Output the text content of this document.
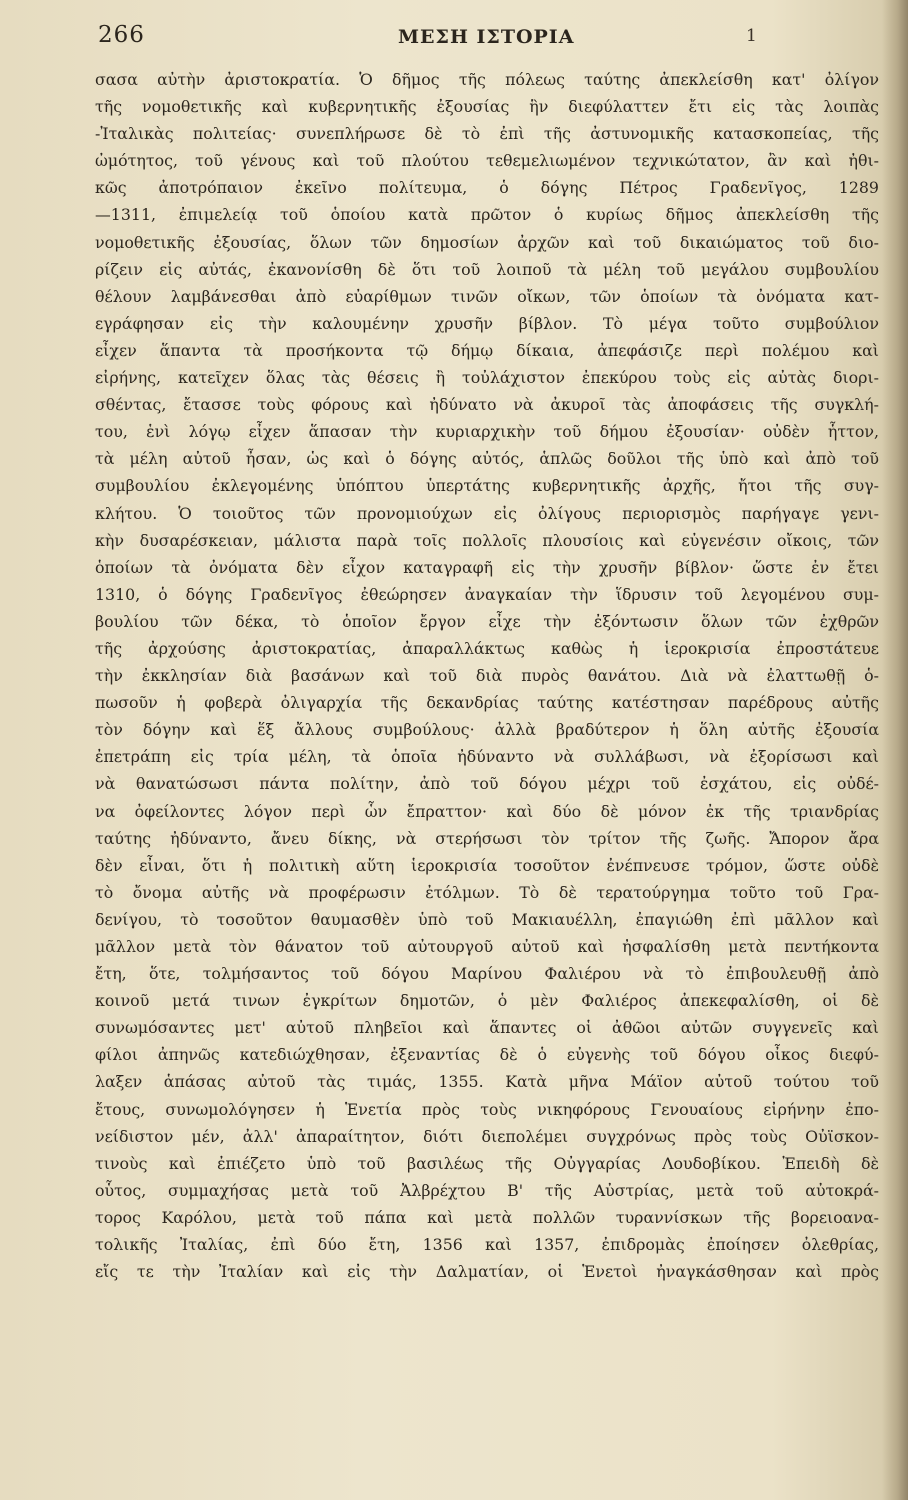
266	ΜΕΣΗ ΙΣΤΟΡΙΑ	1
σασα αὐτὴν ἀριστοκρατία. Ὁ δῆμος τῆς πόλεως ταύτης ἀπεκλείσθη κατ' ὀλίγον
τῆς νομοθετικῆς καὶ κυβερνητικῆς ἐξουσίας ἣν διεφύλαττεν ἔτι εἰς τὰς λοιπὰς
-Ἰταλικὰς πολιτείας· συνεπλήρωσε δὲ τὸ ἐπὶ τῆς ἀστυνομικῆς κατασκοπείας, τῆς
ὠμότητος, τοῦ γένους καὶ τοῦ πλούτου τεθεμελιωμένον τεχνικώτατον, ἂν καὶ ἠθι-
κῶς ἀποτρόπαιον ἐκεῖνο πολίτευμα, ὁ δόγης Πέτρος Γραδενῖγος, 1289
—1311, ἐπιμελείᾳ τοῦ ὁποίου κατὰ πρῶτον ὁ κυρίως δῆμος ἀπεκλείσθη τῆς
νομοθετικῆς ἐξουσίας, ὅλων τῶν δημοσίων ἀρχῶν καὶ τοῦ δικαιώματος τοῦ διο-
ρίζειν εἰς αὐτάς, ἐκανονίσθη δὲ ὅτι τοῦ λοιποῦ τὰ μέλη τοῦ μεγάλου συμβουλίου
θέλουν λαμβάνεσθαι ἀπὸ εὐαρίθμων τινῶν οἴκων, τῶν ὁποίων τὰ ὀνόματα κατ-
εγράφησαν εἰς τὴν καλουμένην χρυσῆν βίβλον. Τὸ μέγα τοῦτο συμβούλιον
εἶχεν ἅπαντα τὰ προσήκοντα τῷ δήμῳ δίκαια, ἀπεφάσιζε περὶ πολέμου καὶ
εἰρήνης, κατεῖχεν ὅλας τὰς θέσεις ἢ τοὐλάχιστον ἐπεκύρου τοὺς εἰς αὐτὰς διορι-
σθέντας, ἔτασσε τοὺς φόρους καὶ ἠδύνατο νὰ ἀκυροῖ τὰς ἀποφάσεις τῆς συγκλή-
του, ἑνὶ λόγῳ εἶχεν ἅπασαν τὴν κυριαρχικὴν τοῦ δήμου ἐξουσίαν· οὐδὲν ἧττον,
τὰ μέλη αὐτοῦ ἦσαν, ὡς καὶ ὁ δόγης αὐτός, ἁπλῶς δοῦλοι τῆς ὑπὸ καὶ ἀπὸ τοῦ
συμβουλίου ἐκλεγομένης ὑπόπτου ὑπερτάτης κυβερνητικῆς ἀρχῆς, ἤτοι τῆς συγ-
κλήτου. Ὁ τοιοῦτος τῶν προνομιούχων εἰς ὀλίγους περιορισμὸς παρήγαγε γενι-
κὴν δυσαρέσκειαν, μάλιστα παρὰ τοῖς πολλοῖς πλουσίοις καὶ εὐγενέσιν οἴκοις, τῶν
ὁποίων τὰ ὀνόματα δὲν εἶχον καταγραφῆ εἰς τὴν χρυσῆν βίβλον· ὥστε ἐν ἔτει
1310, ὁ δόγης Γραδενῖγος ἐθεώρησεν ἀναγκαίαν τὴν ἵδρυσιν τοῦ λεγομένου συμ-
βουλίου τῶν δέκα, τὸ ὁποῖον ἔργον εἶχε τὴν ἐξόντωσιν ὅλων τῶν ἐχθρῶν
τῆς ἀρχούσης ἀριστοκρατίας, ἀπαραλλάκτως καθὼς ἡ ἱεροκρισία ἐπροστάτευε
τὴν ἐκκλησίαν διὰ βασάνων καὶ τοῦ διὰ πυρὸς θανάτου. Διὰ νὰ ἐλαττωθῇ ὁ-
πωσοῦν ἡ φοβερὰ ὀλιγαρχία τῆς δεκανδρίας ταύτης κατέστησαν παρέδρους αὐτῆς
τὸν δόγην καὶ ἕξ ἄλλους συμβούλους· ἀλλὰ βραδύτερον ἡ ὅλη αὐτῆς ἐξουσία
ἐπετράπη εἰς τρία μέλη, τὰ ὁποῖα ἠδύναντο νὰ συλλάβωσι, νὰ ἐξορίσωσι καὶ
νὰ θανατώσωσι πάντα πολίτην, ἀπὸ τοῦ δόγου μέχρι τοῦ ἐσχάτου, εἰς οὐδέ-
να ὀφείλοντες λόγον περὶ ὧν ἔπραττον· καὶ δύο δὲ μόνον ἐκ τῆς τριανδρίας
ταύτης ἠδύναντο, ἄνευ δίκης, νὰ στερήσωσι τὸν τρίτον τῆς ζωῆς. Ἄπορον ἄρα
δὲν εἶναι, ὅτι ἡ πολιτικὴ αὕτη ἱεροκρισία τοσοῦτον ἐνέπνευσε τρόμον, ὥστε οὐδὲ
τὸ ὄνομα αὐτῆς νὰ προφέρωσιν ἐτόλμων. Τὸ δὲ τερατούργημα τοῦτο τοῦ Γρα-
δενίγου, τὸ τοσοῦτον θαυμασθὲν ὑπὸ τοῦ Μακιαυέλλη, ἐπαγιώθη ἐπὶ μᾶλλον καὶ
μᾶλλον μετὰ τὸν θάνατον τοῦ αὐτουργοῦ αὐτοῦ καὶ ἠσφαλίσθη μετὰ πεντήκοντα
ἔτη, ὅτε, τολμήσαντος τοῦ δόγου Μαρίνου Φαλιέρου νὰ τὸ ἐπιβουλευθῇ ἀπὸ
κοινοῦ μετά τινων ἐγκρίτων δημοτῶν, ὁ μὲν Φαλιέρος ἀπεκεφαλίσθη, οἱ δὲ
συνωμόσαντες μετ' αὐτοῦ πληβεῖοι καὶ ἅπαντες οἱ ἀθῶοι αὐτῶν συγγενεῖς καὶ
φίλοι ἀπηνῶς κατεδιώχθησαν, ἐξεναντίας δὲ ὁ εὐγενὴς τοῦ δόγου οἶκος διεφύ-
λαξεν ἁπάσας αὐτοῦ τὰς τιμάς, 1355. Κατὰ μῆνα Μάϊον αὐτοῦ τούτου τοῦ
ἔτους, συνωμολόγησεν ἡ Ἑνετία πρὸς τοὺς νικηφόρους Γενουαίους εἰρήνην ἐπο-
νείδιστον μέν, ἀλλ' ἀπαραίτητον, διότι διεπολέμει συγχρόνως πρὸς τοὺς Οὐϊσκον-
τινοὺς καὶ ἐπιέζετο ὑπὸ τοῦ βασιλέως τῆς Οὐγγαρίας Λουδοβίκου. Ἐπειδὴ δὲ
οὗτος, συμμαχήσας μετὰ τοῦ Ἀλβρέχτου Β' τῆς Αὐστρίας, μετὰ τοῦ αὐτοκρά-
τορος Καρόλου, μετὰ τοῦ πάπα καὶ μετὰ πολλῶν τυραννίσκων τῆς βορειοανα-
τολικῆς Ἰταλίας, ἐπὶ δύο ἔτη, 1356 καὶ 1357, ἐπιδρομὰς ἐποίησεν ὀλεθρίας,
εἴς τε τὴν Ἰταλίαν καὶ εἰς τὴν Δαλματίαν, οἱ Ἑνετοὶ ἠναγκάσθησαν καὶ πρὸς
